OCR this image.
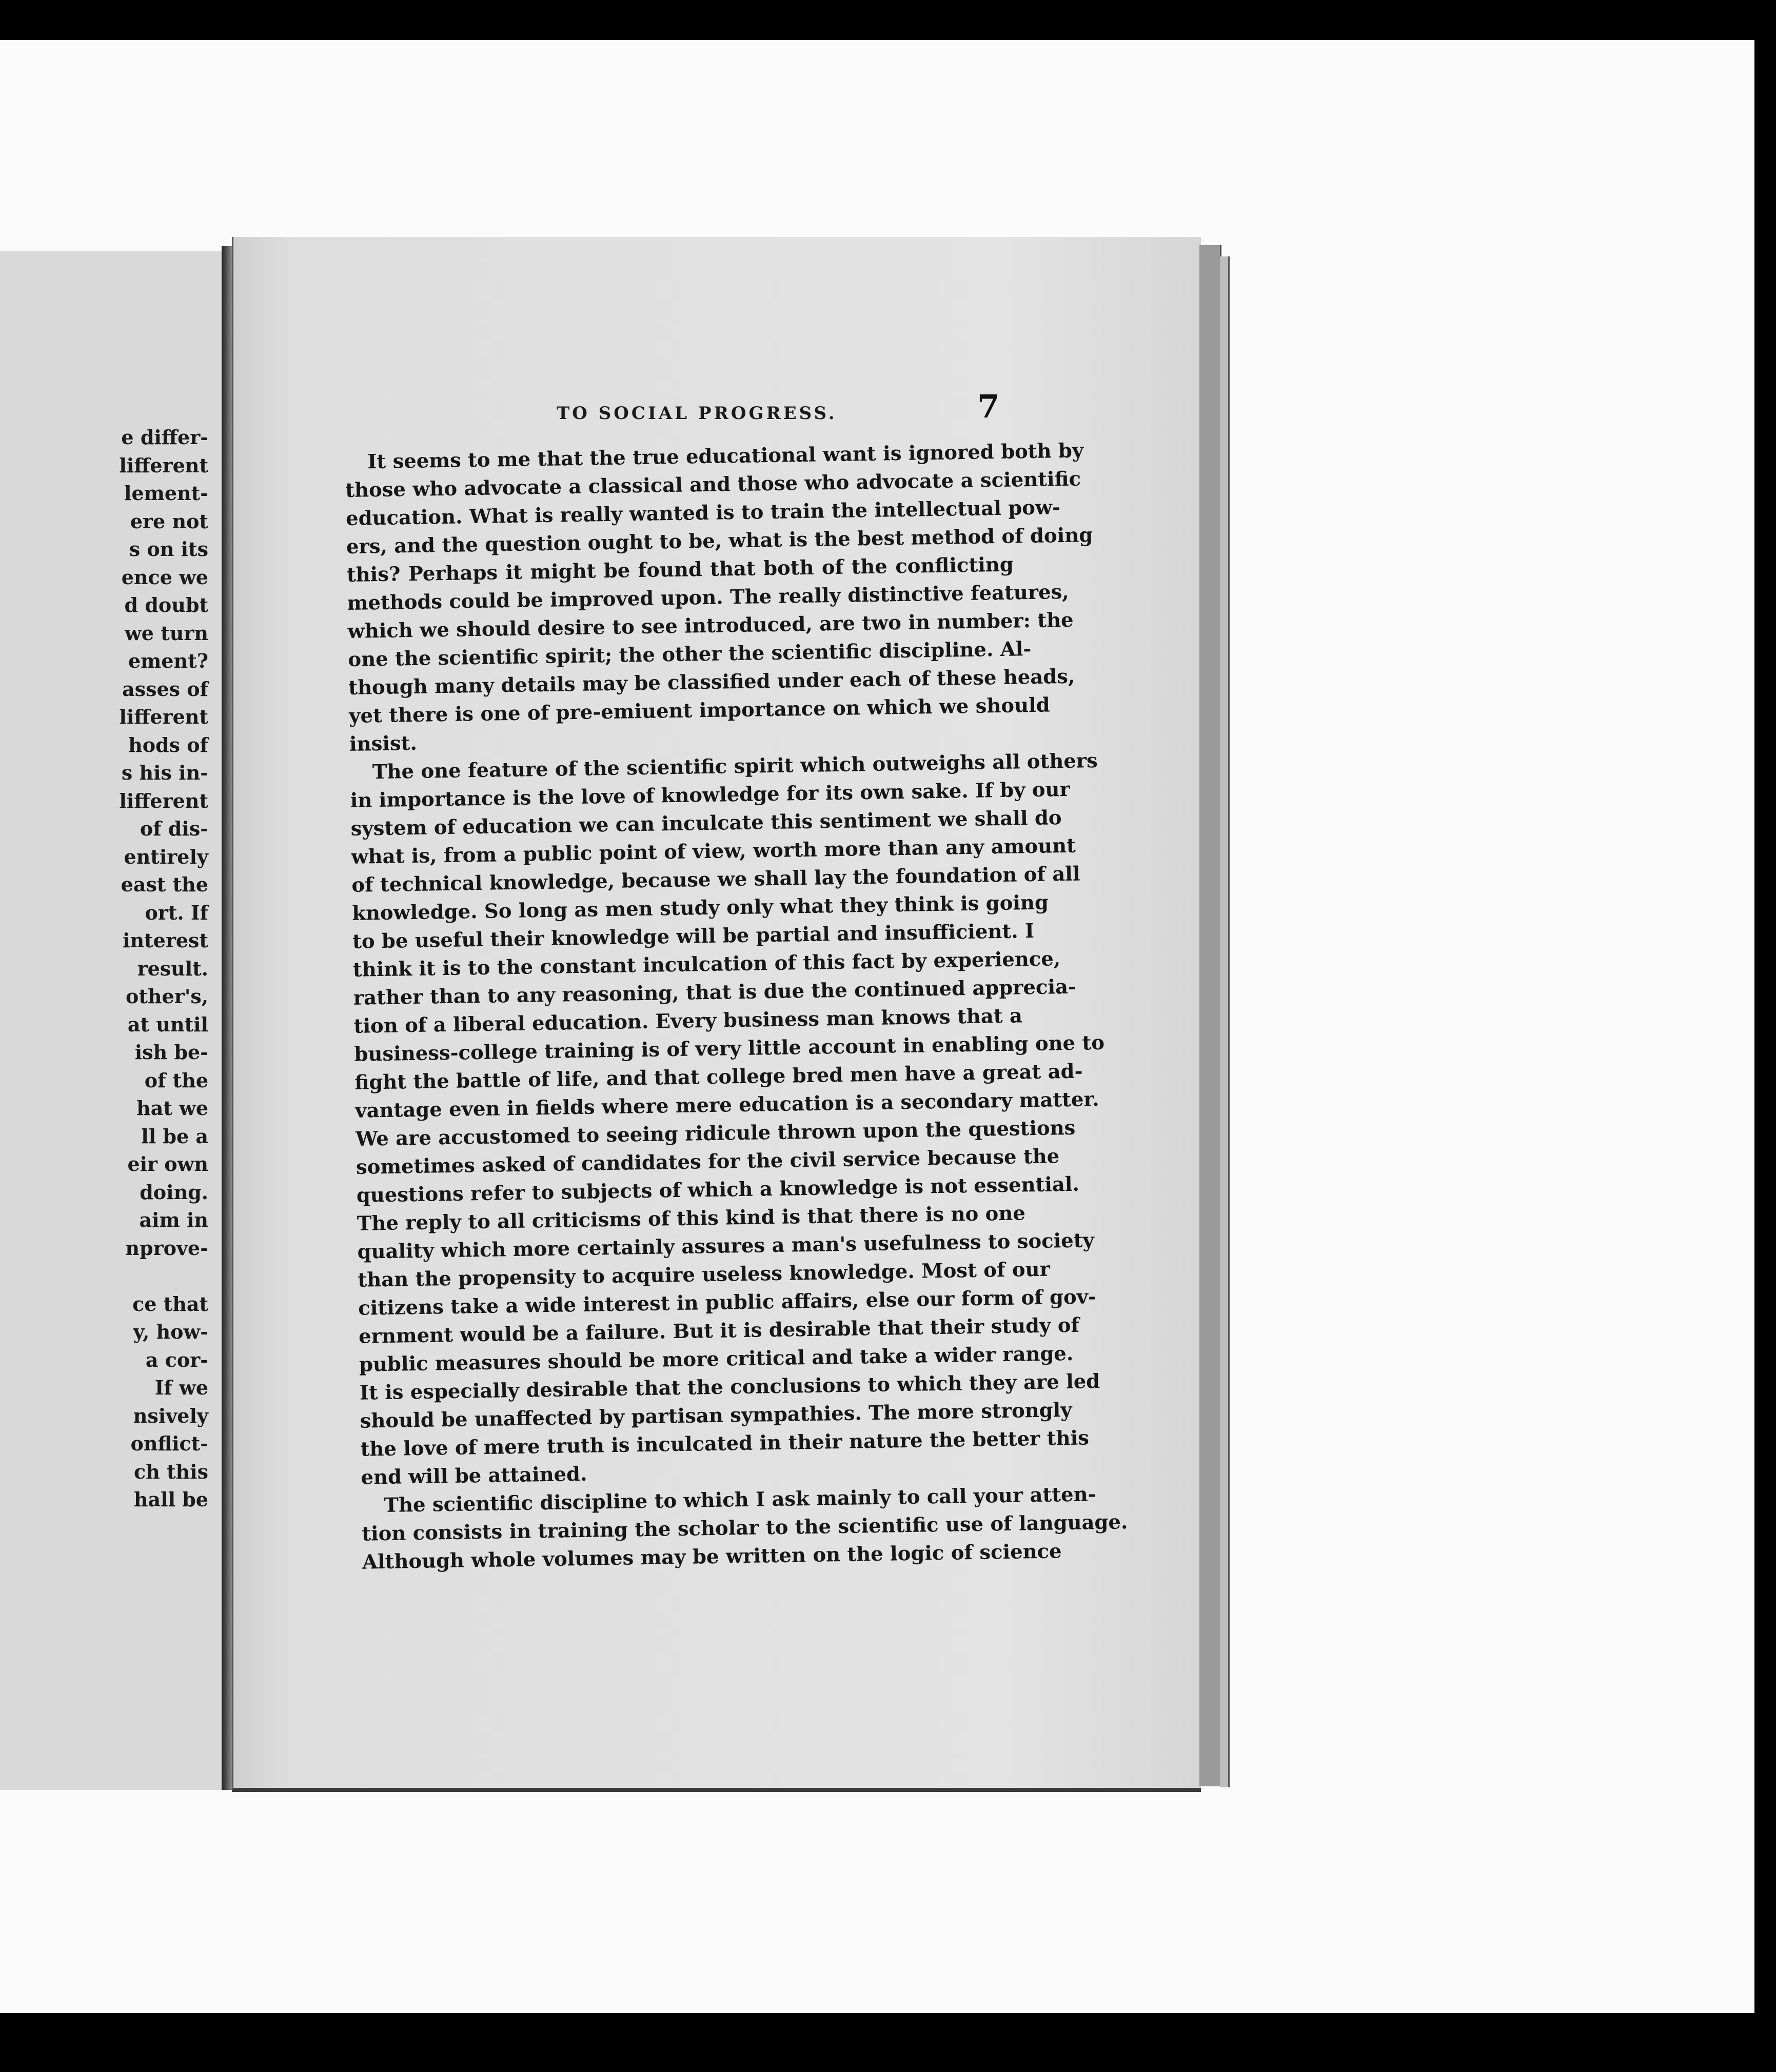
e differ-
lifferent
lement-
ere not
s on its
ence we
d doubt
we turn
ement?
asses of
lifferent
hods of
s his in-
lifferent
of dis-
entirely
east the
ort. If
interest
result.
other's,
at until
ish be-
of the
hat we
ll be a
eir own
doing.
aim in
nprove-
ce that
y, how-
a cor-
If we
nsively
onflict-
ch this
hall be
TO SOCIAL PROGRESS.	7
It seems to me that the true educational want is ignored both by
those who advocate a classical and those who advocate a scientific
education. What is really wanted is to train the intellectual pow-
ers, and the question ought to be, what is the best method of doing
this? Perhaps it might be found that both of the conflicting
methods could be improved upon. The really distinctive features,
which we should desire to see introduced, are two in number: the
one the scientific spirit; the other the scientific discipline. Al-
though many details may be classified under each of these heads,
yet there is one of pre-emiuent importance on which we should
insist.
The one feature of the scientific spirit which outweighs all others
in importance is the love of knowledge for its own sake. If by our
system of education we can inculcate this sentiment we shall do
what is, from a public point of view, worth more than any amount
of technical knowledge, because we shall lay the foundation of all
knowledge. So long as men study only what they think is going
to be useful their knowledge will be partial and insufficient. I
think it is to the constant inculcation of this fact by experience,
rather than to any reasoning, that is due the continued apprecia-
tion of a liberal education. Every business man knows that a
business-college training is of very little account in enabling one to
fight the battle of life, and that college bred men have a great ad-
vantage even in fields where mere education is a secondary matter.
We are accustomed to seeing ridicule thrown upon the questions
sometimes asked of candidates for the civil service because the
questions refer to subjects of which a knowledge is not essential.
The reply to all criticisms of this kind is that there is no one
quality which more certainly assures a man's usefulness to society
than the propensity to acquire useless knowledge. Most of our
citizens take a wide interest in public affairs, else our form of gov-
ernment would be a failure. But it is desirable that their study of
public measures should be more critical and take a wider range.
It is especially desirable that the conclusions to which they are led
should be unaffected by partisan sympathies. The more strongly
the love of mere truth is inculcated in their nature the better this
end will be attained.
The scientific discipline to which I ask mainly to call your atten-
tion consists in training the scholar to the scientific use of language.
Although whole volumes may be written on the logic of science
